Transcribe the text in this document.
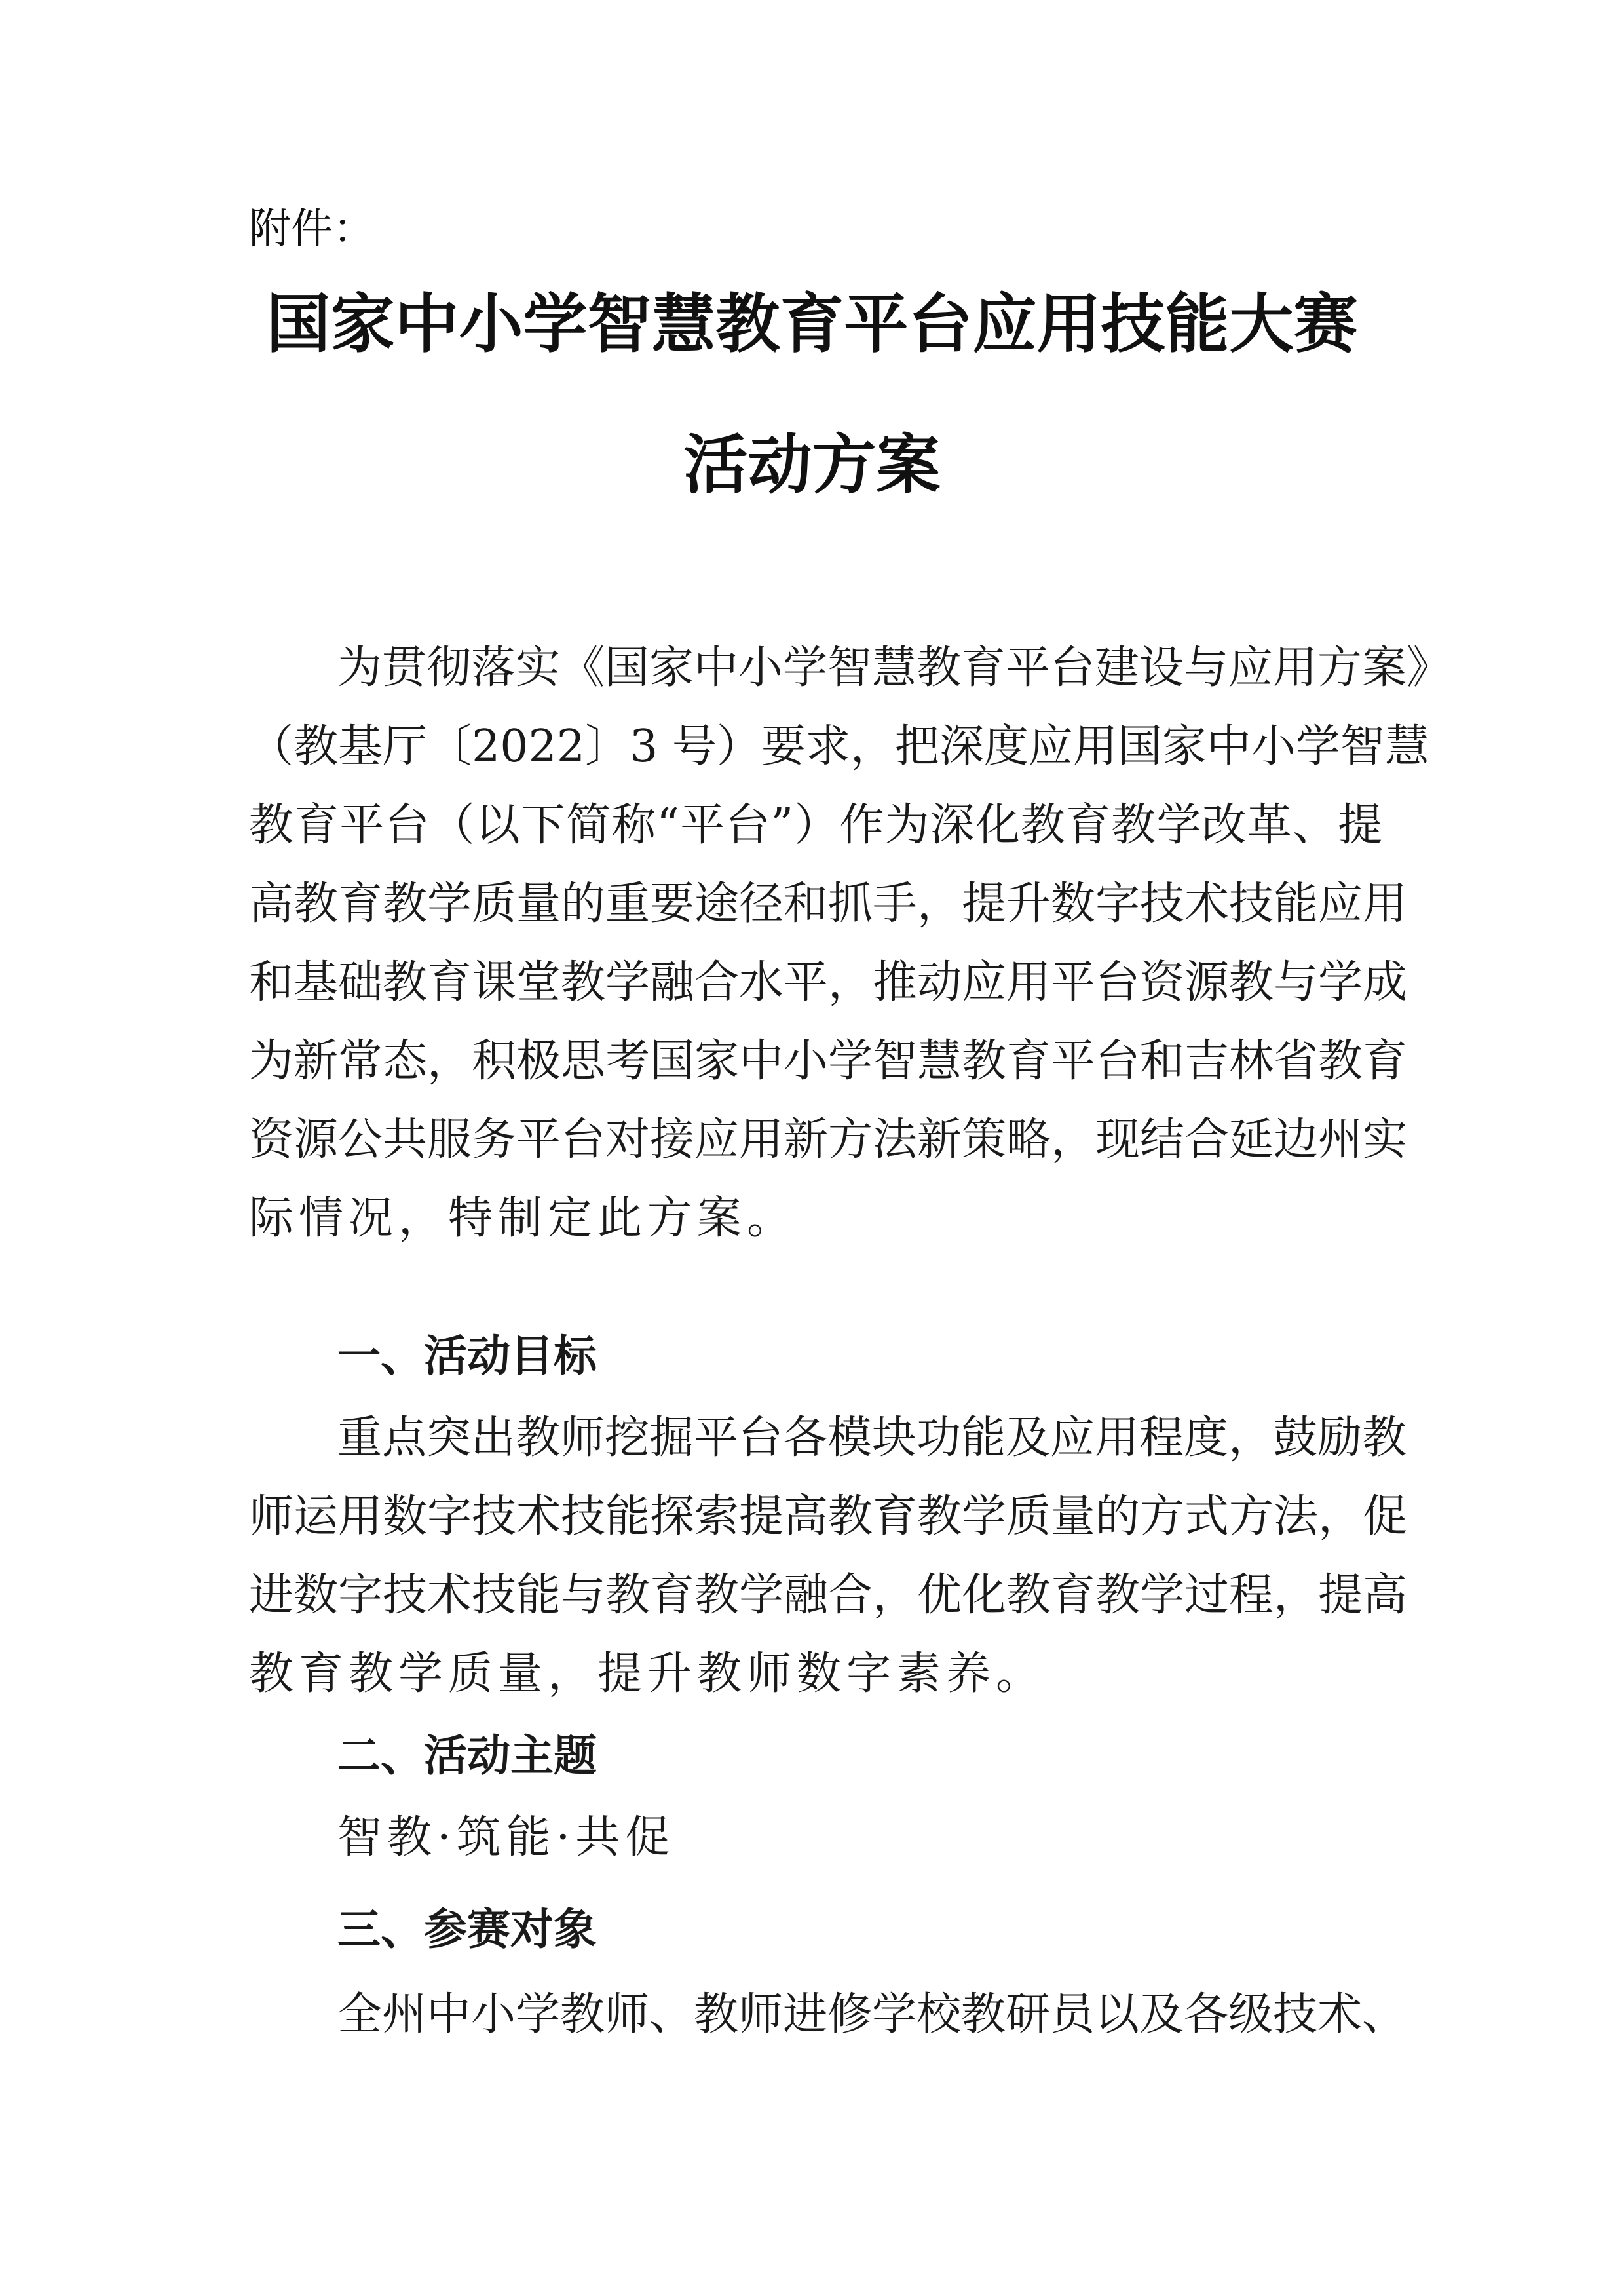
附件：
国家中小学智慧教育平台应用技能大赛
活动方案
为贯彻落实《国家中小学智慧教育平台建设与应用方案》
（教基厅〔2022〕3 号）要求，把深度应用国家中小学智慧
教育平台（以下简称“平台”）作为深化教育教学改革、提
高教育教学质量的重要途径和抓手，提升数字技术技能应用
和基础教育课堂教学融合水平，推动应用平台资源教与学成
为新常态，积极思考国家中小学智慧教育平台和吉林省教育
资源公共服务平台对接应用新方法新策略，现结合延边州实
际情况，特制定此方案。
一、活动目标
重点突出教师挖掘平台各模块功能及应用程度，鼓励教
师运用数字技术技能探索提高教育教学质量的方式方法，促
进数字技术技能与教育教学融合，优化教育教学过程，提高
教育教学质量，提升教师数字素养。
二、活动主题
智教·筑能·共促
三、参赛对象
全州中小学教师、教师进修学校教研员以及各级技术、
